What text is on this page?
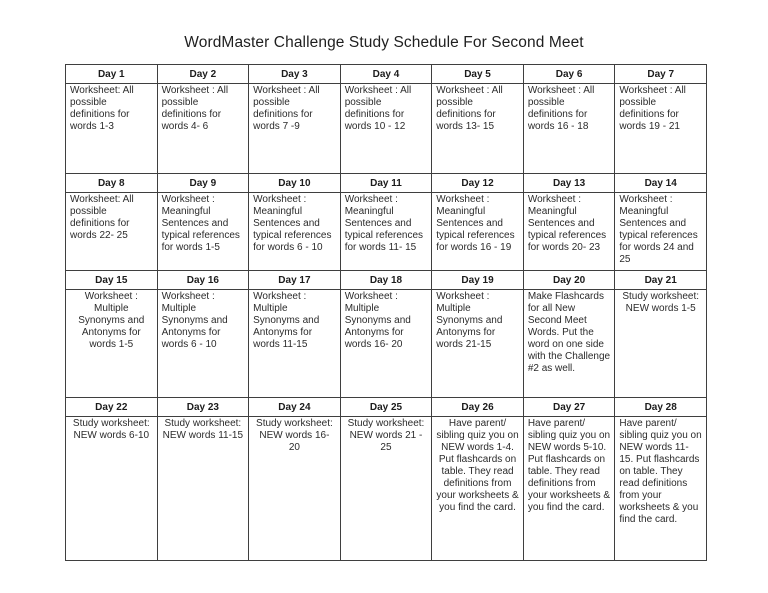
WordMaster Challenge Study Schedule For Second Meet
Day 1	Day 2	Day 3	Day 4	Day 5	Day 6	Day 7
Worksheet: All possible definitions for words 1-3	Worksheet : All possible definitions for words 4- 6	Worksheet : All possible definitions for words 7 -9	Worksheet : All possible definitions for words 10 - 12	Worksheet : All possible definitions for words 13- 15	Worksheet : All possible definitions for words 16 - 18	Worksheet : All possible definitions for words 19 - 21
Day 8	Day 9	Day 10	Day 11	Day 12	Day 13	Day 14
Worksheet: All possible definitions for words 22- 25	Worksheet : Meaningful Sentences and typical references for words 1-5	Worksheet : Meaningful Sentences and typical references for words 6 - 10	Worksheet : Meaningful Sentences and typical references for words 11- 15	Worksheet : Meaningful Sentences and typical references for words 16 - 19	Worksheet : Meaningful Sentences and typical references for words 20- 23	Worksheet : Meaningful Sentences and typical references for words 24 and 25
Day 15	Day 16	Day 17	Day 18	Day 19	Day 20	Day 21
Worksheet : Multiple Synonyms and Antonyms for words 1-5	Worksheet : Multiple Synonyms and Antonyms for words 6 - 10	Worksheet : Multiple Synonyms and Antonyms for words 11-15	Worksheet : Multiple Synonyms and Antonyms for words 16- 20	Worksheet : Multiple Synonyms and Antonyms for words 21-15	Make Flashcards for all New Second Meet Words. Put the word on one side with the Challenge #2 as well.	Study worksheet: NEW words 1-5
Day 22	Day 23	Day 24	Day 25	Day 26	Day 27	Day 28
Study worksheet: NEW words 6-10	Study worksheet: NEW words 11-15	Study worksheet: NEW words 16- 20	Study worksheet: NEW words 21 - 25	Have parent/ sibling quiz you on NEW words 1-4. Put flashcards on table. They read definitions from your worksheets & you find the card.	Have parent/ sibling quiz you on NEW words 5-10. Put flashcards on table. They read definitions from your worksheets & you find the card.	Have parent/ sibling quiz you on NEW words 11-15. Put flashcards on table. They read definitions from your worksheets & you find the card.
